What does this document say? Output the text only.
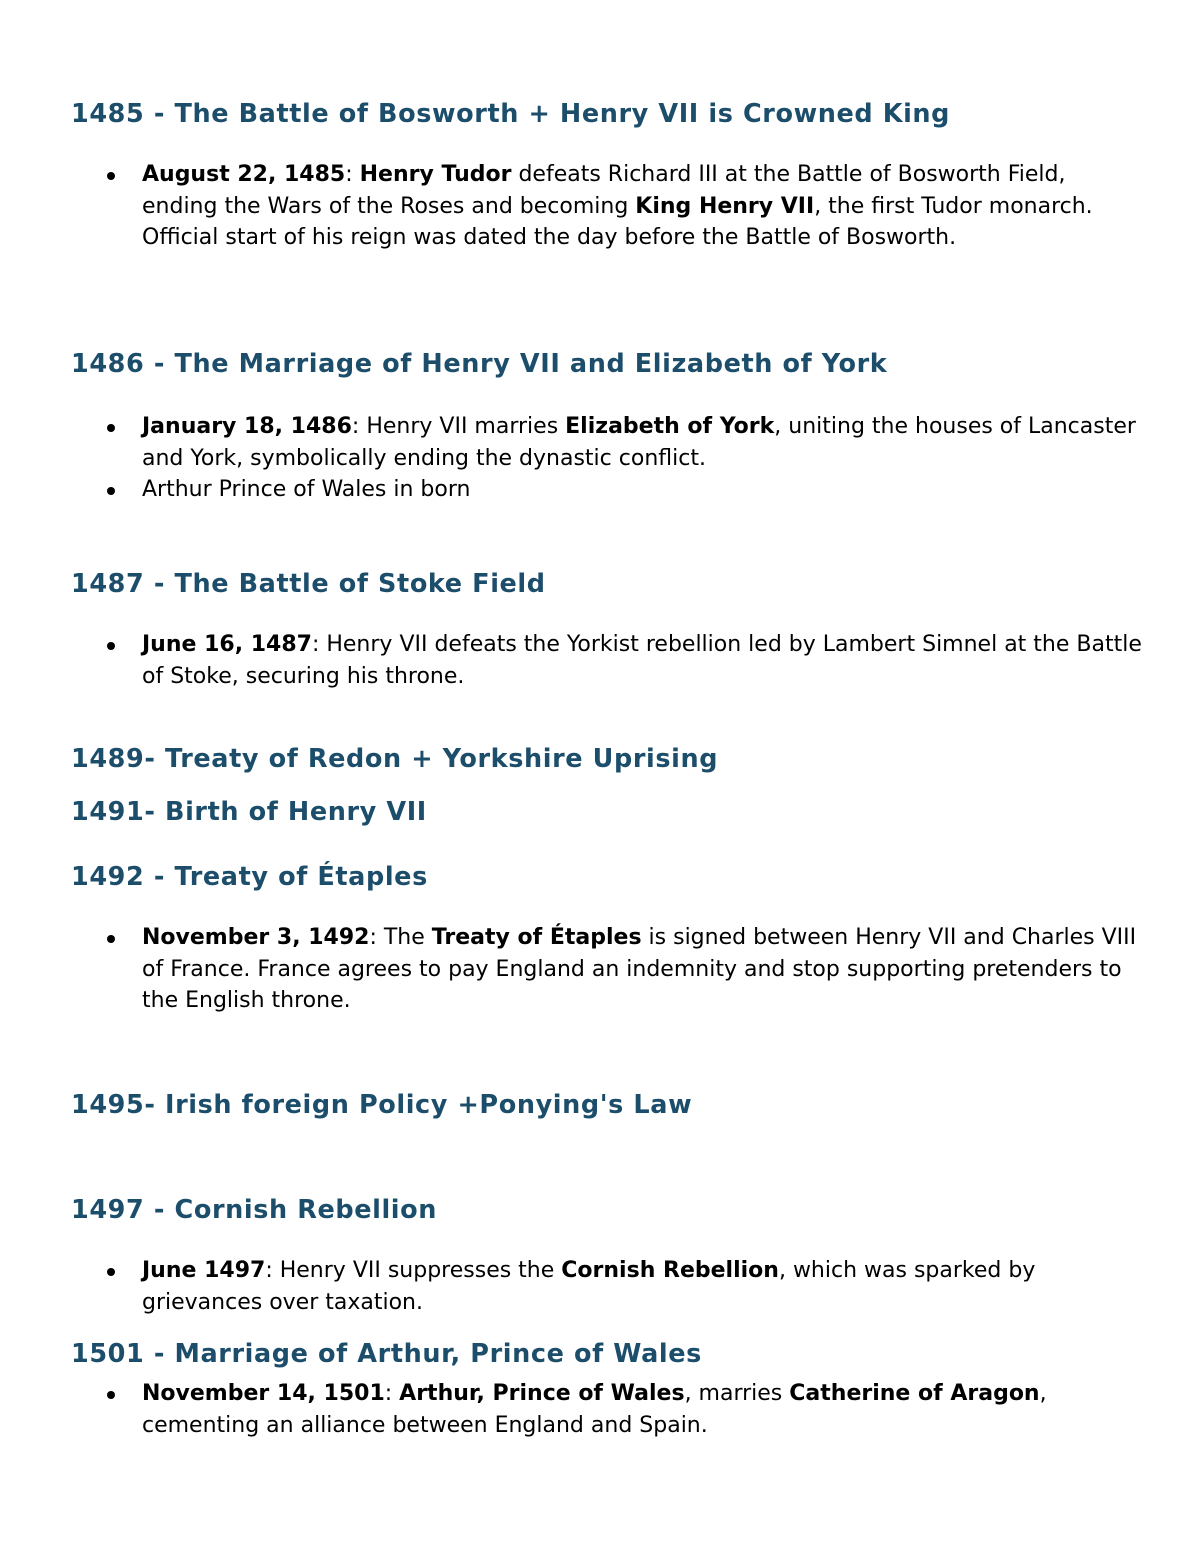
1485 - The Battle of Bosworth + Henry VII is Crowned King
August 22, 1485: Henry Tudor defeats Richard III at the Battle of Bosworth Field, ending the Wars of the Roses and becoming King Henry VII, the first Tudor monarch. Official start of his reign was dated the day before the Battle of Bosworth.
1486 - The Marriage of Henry VII and Elizabeth of York
January 18, 1486: Henry VII marries Elizabeth of York, uniting the houses of Lancaster and York, symbolically ending the dynastic conflict.
Arthur Prince of Wales in born
1487 - The Battle of Stoke Field
June 16, 1487: Henry VII defeats the Yorkist rebellion led by Lambert Simnel at the Battle of Stoke, securing his throne.
1489- Treaty of Redon + Yorkshire Uprising
1491- Birth of Henry VII
1492 - Treaty of Étaples
November 3, 1492: The Treaty of Étaples is signed between Henry VII and Charles VIII of France. France agrees to pay England an indemnity and stop supporting pretenders to the English throne.
1495- Irish foreign Policy +Ponying's Law
1497 - Cornish Rebellion
June 1497: Henry VII suppresses the Cornish Rebellion, which was sparked by grievances over taxation.
1501 - Marriage of Arthur, Prince of Wales
November 14, 1501: Arthur, Prince of Wales, marries Catherine of Aragon, cementing an alliance between England and Spain.
